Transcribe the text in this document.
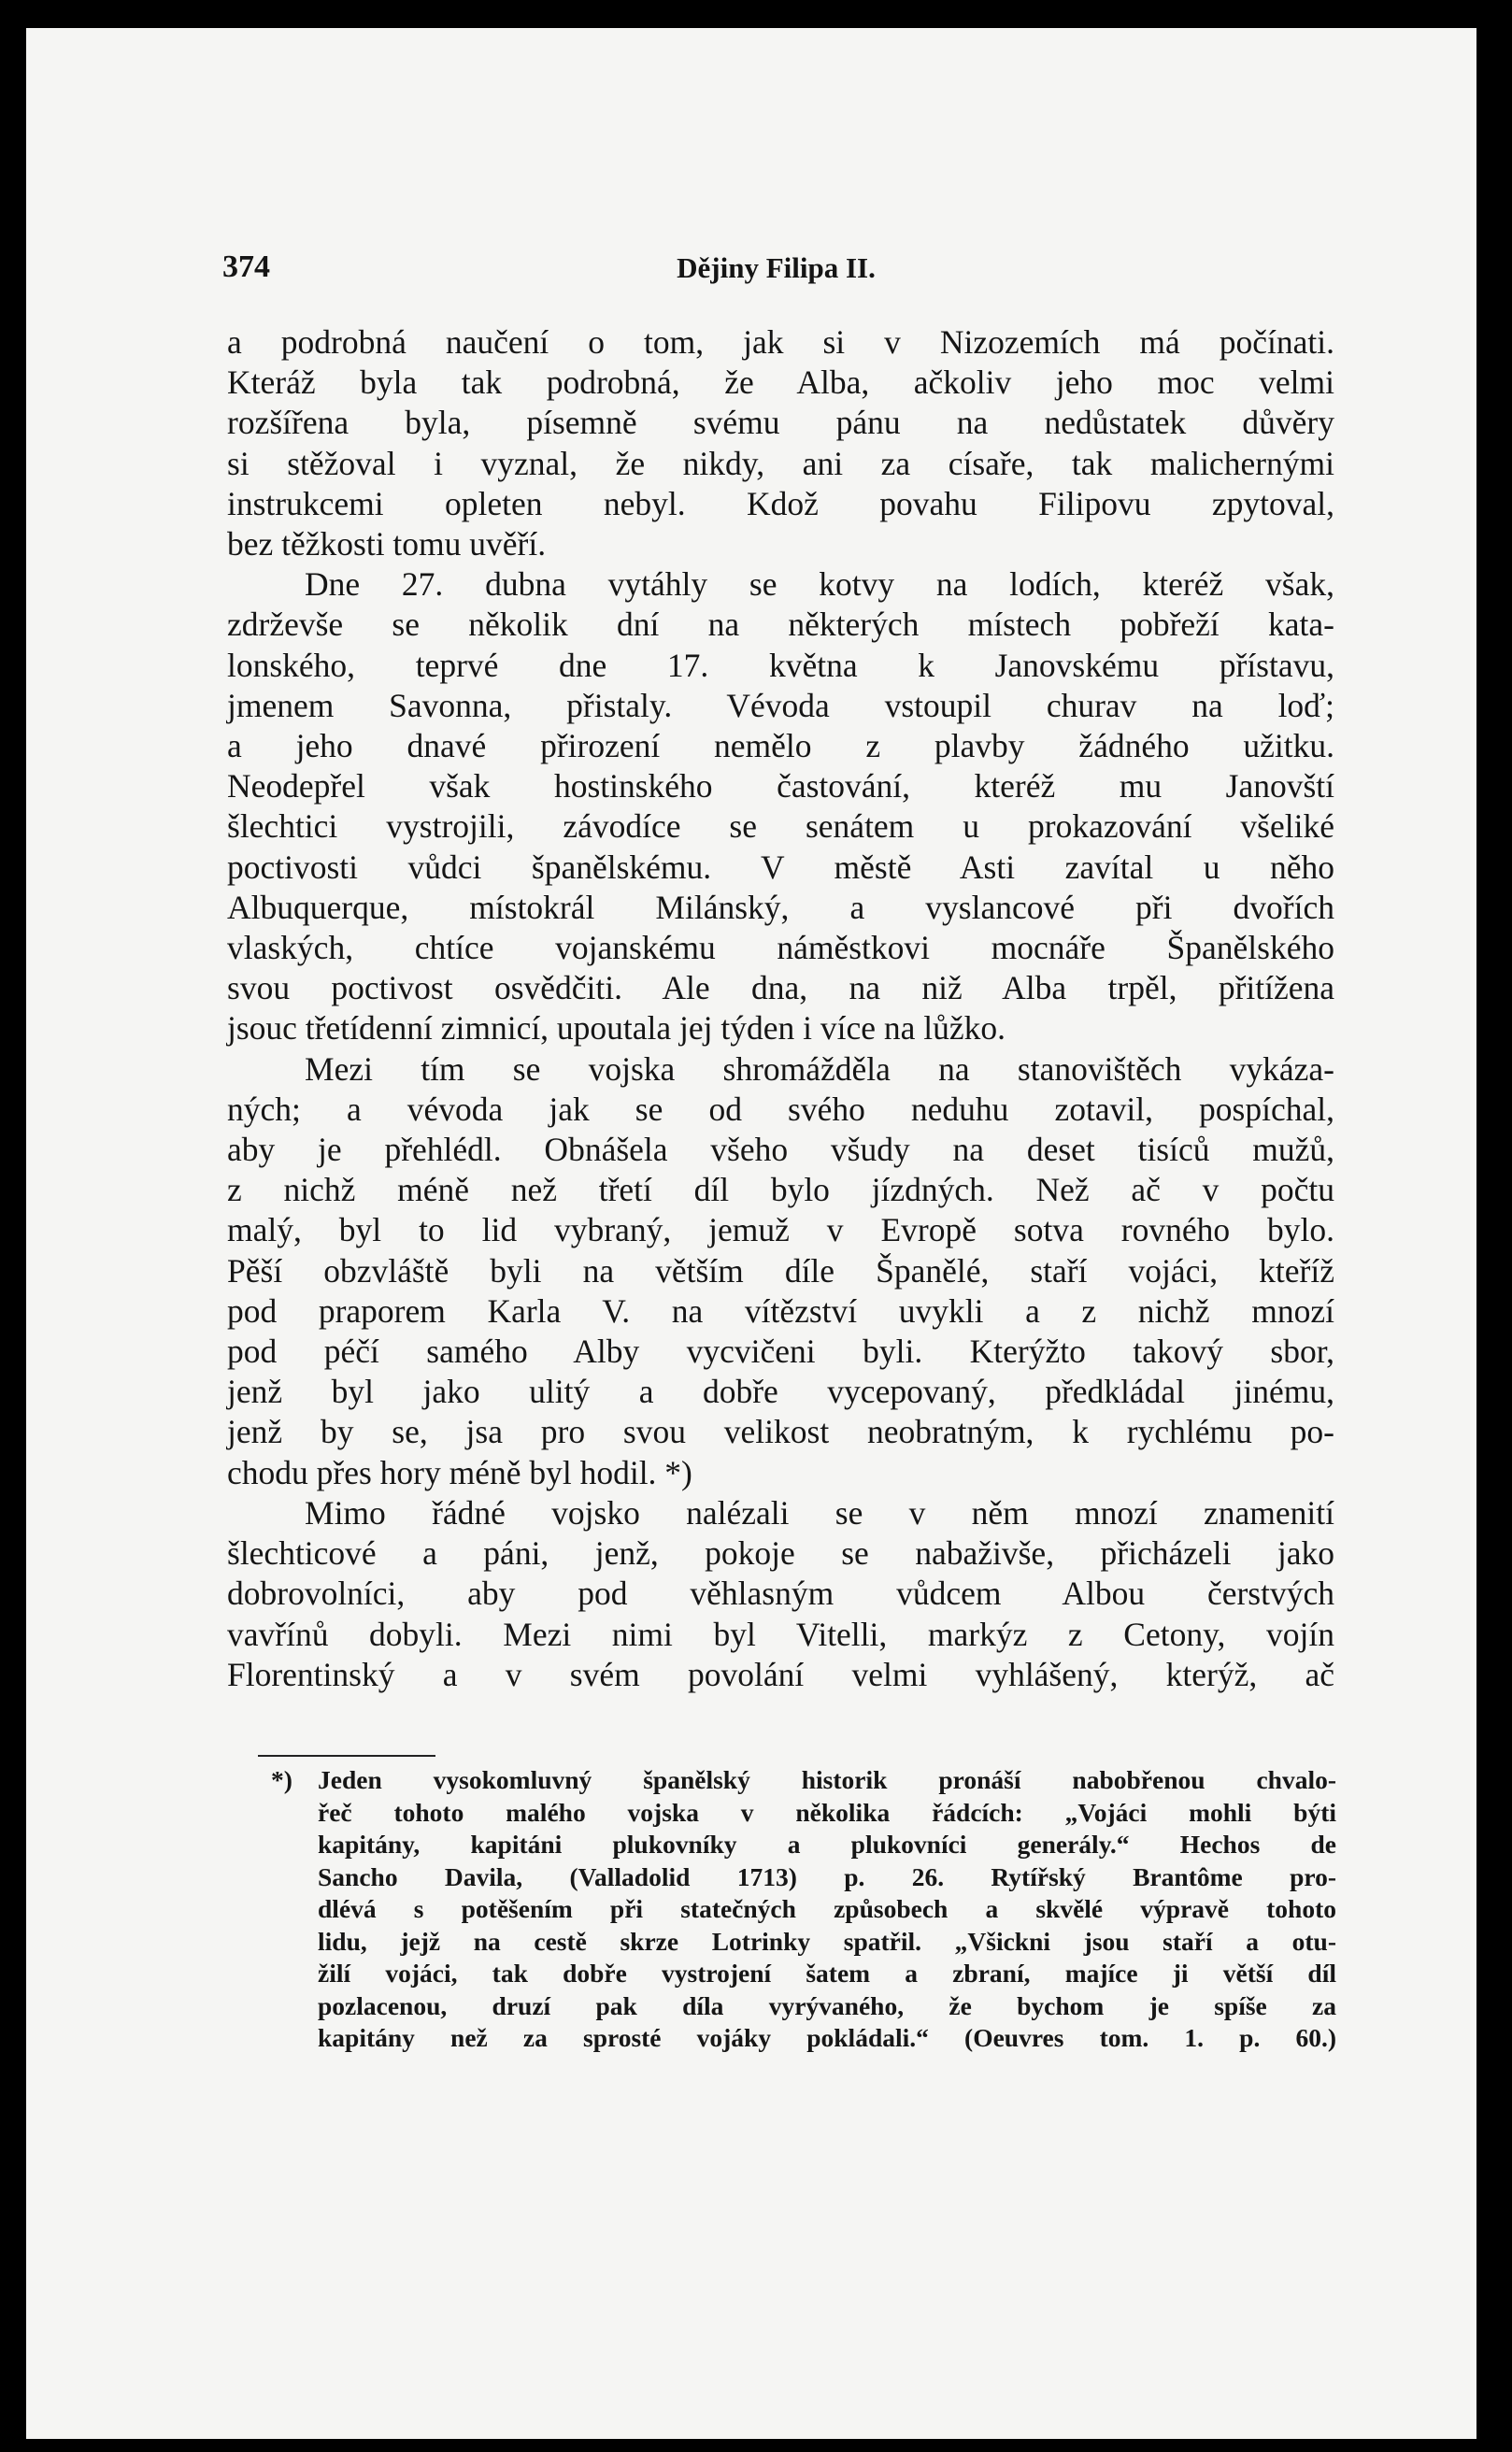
374	Dějiny Filipa II.

a podrobná naučení o tom, jak si v Nizozemích má počínati.
Kteráž byla tak podrobná, že Alba, ačkoliv jeho moc velmi
rozšířena byla, písemně svému pánu na nedůstatek důvěry
si stěžoval i vyznal, že nikdy, ani za císaře, tak malichernými
instrukcemi opleten nebyl. Kdož povahu Filipovu zpytoval,
bez těžkosti tomu uvěří.

Dne 27. dubna vytáhly se kotvy na lodích, kteréž však,
zdrževše se několik dní na některých místech pobřeží kata-
lonského, teprvé dne 17. května k Janovskému přístavu,
jmenem Savonna, přistaly. Vévoda vstoupil churav na loď;
a jeho dnavé přirození nemělo z plavby žádného užitku.
Neodepřel však hostinského častování, kteréž mu Janovští
šlechtici vystrojili, závodíce se senátem u prokazování všeliké
poctivosti vůdci španělskému. V městě Asti zavítal u něho
Albuquerque, místokrál Milánský, a vyslancové při dvořích
vlaských, chtíce vojanskému náměstkovi mocnáře Španělského
svou poctivost osvědčiti. Ale dna, na niž Alba trpěl, přitížena
jsouc třetídenní zimnicí, upoutala jej týden i více na lůžko.

Mezi tím se vojska shromážděla na stanovištěch vykáza-
ných; a vévoda jak se od svého neduhu zotavil, pospíchal,
aby je přehlédl. Obnášela všeho všudy na deset tisíců mužů,
z nichž méně než třetí díl bylo jízdných. Než ač v počtu
malý, byl to lid vybraný, jemuž v Evropě sotva rovného bylo.
Pěší obzvláště byli na větším díle Španělé, staří vojáci, kteříž
pod praporem Karla V. na vítězství uvykli a z nichž mnozí
pod péčí samého Alby vycvičeni byli. Kterýžto takový sbor,
jenž byl jako ulitý a dobře vycepovaný, předkládal jinému,
jenž by se, jsa pro svou velikost neobratným, k rychlému po-
chodu přes hory méně byl hodil. *)

Mimo řádné vojsko nalézali se v něm mnozí znamenití
šlechticové a páni, jenž, pokoje se nabaživše, přicházeli jako
dobrovolníci, aby pod věhlasným vůdcem Albou čerstvých
vavřínů dobyli. Mezi nimi byl Vitelli, markýz z Cetony, vojín
Florentinský a v svém povolání velmi vyhlášený, kterýž, ač

*) Jeden vysokomluvný španělský historik pronáší nabobřenou chvalo-
řeč tohoto malého vojska v několika řádcích: „Vojáci mohli býti
kapitány, kapitáni plukovníky a plukovníci generály.“ Hechos de
Sancho Davila, (Valladolid 1713) p. 26. Rytířský Brantôme pro-
dlévá s potěšením při statečných způsobech a skvělé výpravě tohoto
lidu, jejž na cestě skrze Lotrinky spatřil. „Všickni jsou staří a otu-
žilí vojáci, tak dobře vystrojení šatem a zbraní, majíce ji větší díl
pozlacenou, druzí pak díla vyrývaného, že bychom je spíše za
kapitány než za sprosté vojáky pokládali.“ (Oeuvres tom. 1. p. 60.)
